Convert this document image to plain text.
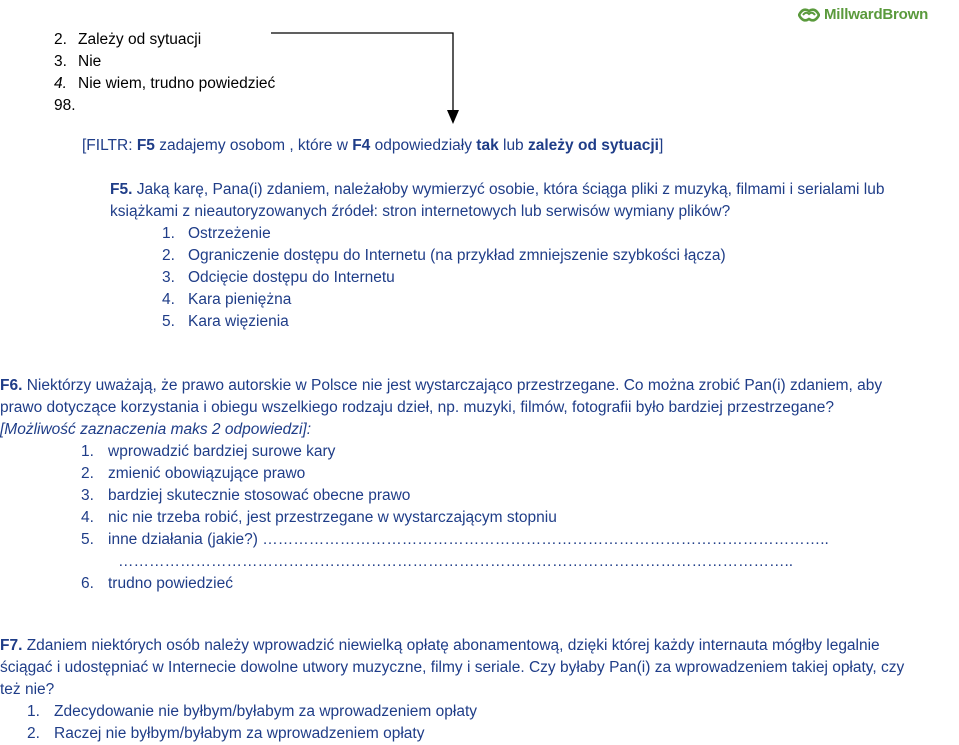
MillwardBrown
2. Zależy od sytuacji
3. Nie
4. Nie wiem, trudno powiedzieć
98.
[FILTR: F5 zadajemy osobom , które w F4 odpowiedziały tak lub zależy od sytuacji]
F5. Jaką karę, Pana(i) zdaniem, należałoby wymierzyć osobie, która ściąga pliki z muzyką, filmami i serialami lub
książkami z nieautoryzowanych źródeł: stron internetowych lub serwisów wymiany plików?
1. Ostrzeżenie
2. Ograniczenie dostępu do Internetu (na przykład zmniejszenie szybkości łącza)
3. Odcięcie dostępu do Internetu
4. Kara pieniężna
5. Kara więzienia
F6. Niektórzy uważają, że prawo autorskie w Polsce nie jest wystarczająco przestrzegane. Co można zrobić Pan(i) zdaniem, aby
prawo dotyczące korzystania i obiegu wszelkiego rodzaju dzieł, np. muzyki, filmów, fotografii było bardziej przestrzegane?
[Możliwość zaznaczenia maks 2 odpowiedzi]:
1. wprowadzić bardziej surowe kary
2. zmienić obowiązujące prawo
3. bardziej skutecznie stosować obecne prawo
4. nic nie trzeba robić, jest przestrzegane w wystarczającym stopniu
5. inne działania (jakie?) ………………………………………………………………………………………………..
…………………………………………………………………………………………………………………..
6. trudno powiedzieć
F7. Zdaniem niektórych osób należy wprowadzić niewielką opłatę abonamentową, dzięki której każdy internauta mógłby legalnie
ściągać i udostępniać w Internecie dowolne utwory muzyczne, filmy i seriale. Czy byłaby Pan(i) za wprowadzeniem takiej opłaty, czy
też nie?
1. Zdecydowanie nie byłbym/byłabym za wprowadzeniem opłaty
2. Raczej nie byłbym/byłabym za wprowadzeniem opłaty
